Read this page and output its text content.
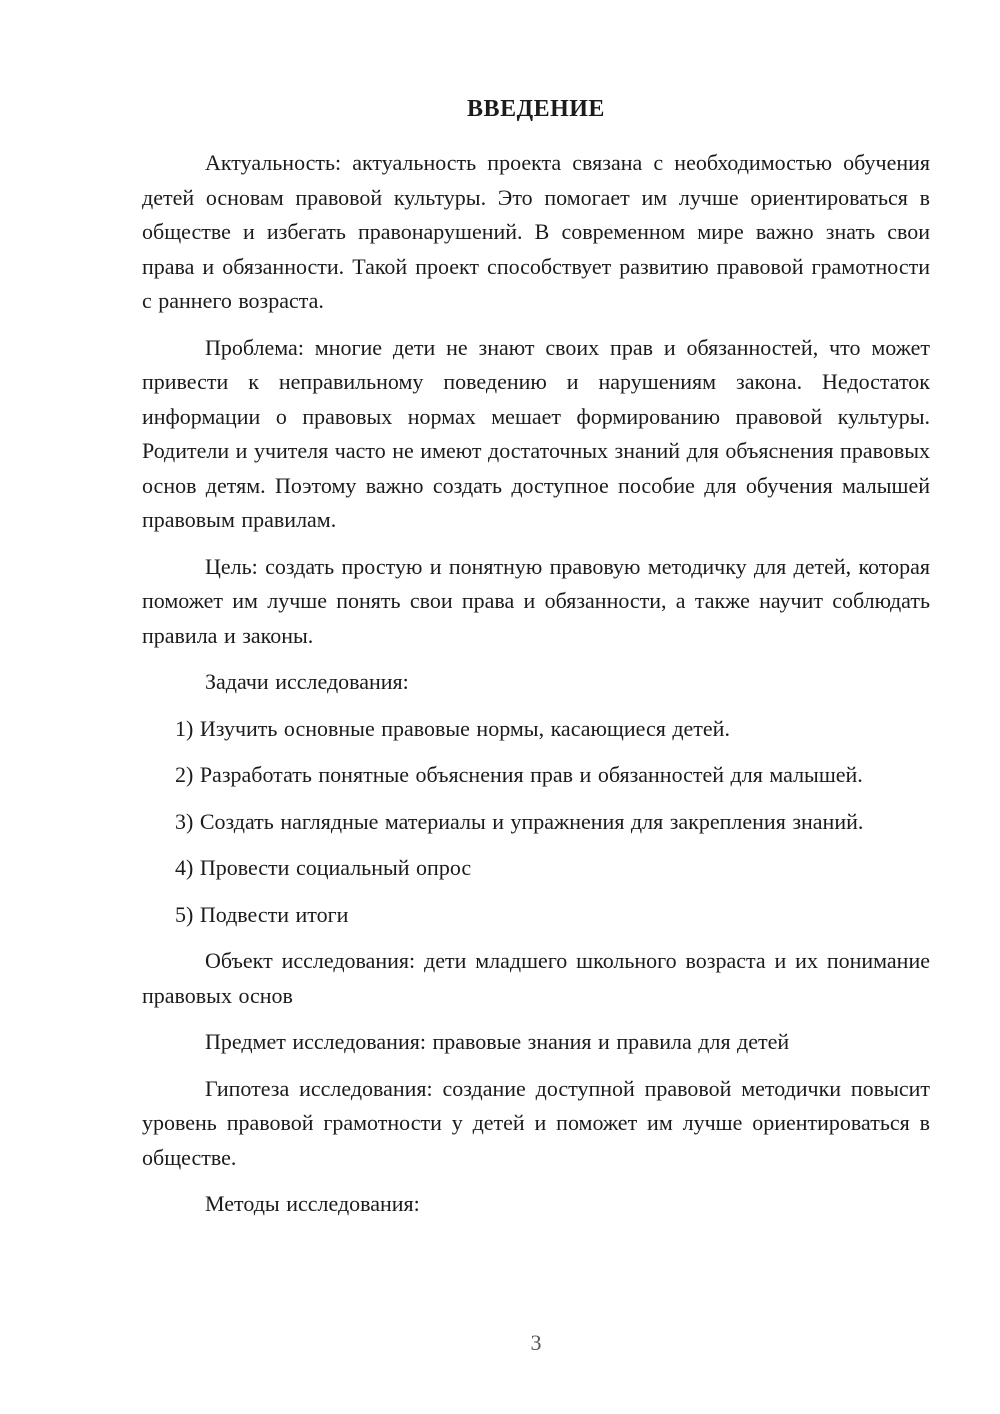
ВВЕДЕНИЕ

Актуальность: актуальность проекта связана с необходимостью обучения детей основам правовой культуры. Это помогает им лучше ориентироваться в обществе и избегать правонарушений. В современном мире важно знать свои права и обязанности. Такой проект способствует развитию правовой грамотности с раннего возраста.

Проблема: многие дети не знают своих прав и обязанностей, что может привести к неправильному поведению и нарушениям закона. Недостаток информации о правовых нормах мешает формированию правовой культуры. Родители и учителя часто не имеют достаточных знаний для объяснения правовых основ детям. Поэтому важно создать доступное пособие для обучения малышей правовым правилам.

Цель: создать простую и понятную правовую методичку для детей, которая поможет им лучше понять свои права и обязанности, а также научит соблюдать правила и законы.

Задачи исследования:

1) Изучить основные правовые нормы, касающиеся детей.

2) Разработать понятные объяснения прав и обязанностей для малышей.

3) Создать наглядные материалы и упражнения для закрепления знаний.

4) Провести социальный опрос

5) Подвести итоги

Объект исследования: дети младшего школьного возраста и их понимание правовых основ

Предмет исследования: правовые знания и правила для детей

Гипотеза исследования: создание доступной правовой методички повысит уровень правовой грамотности у детей и поможет им лучше ориентироваться в обществе.

Методы исследования:

3
